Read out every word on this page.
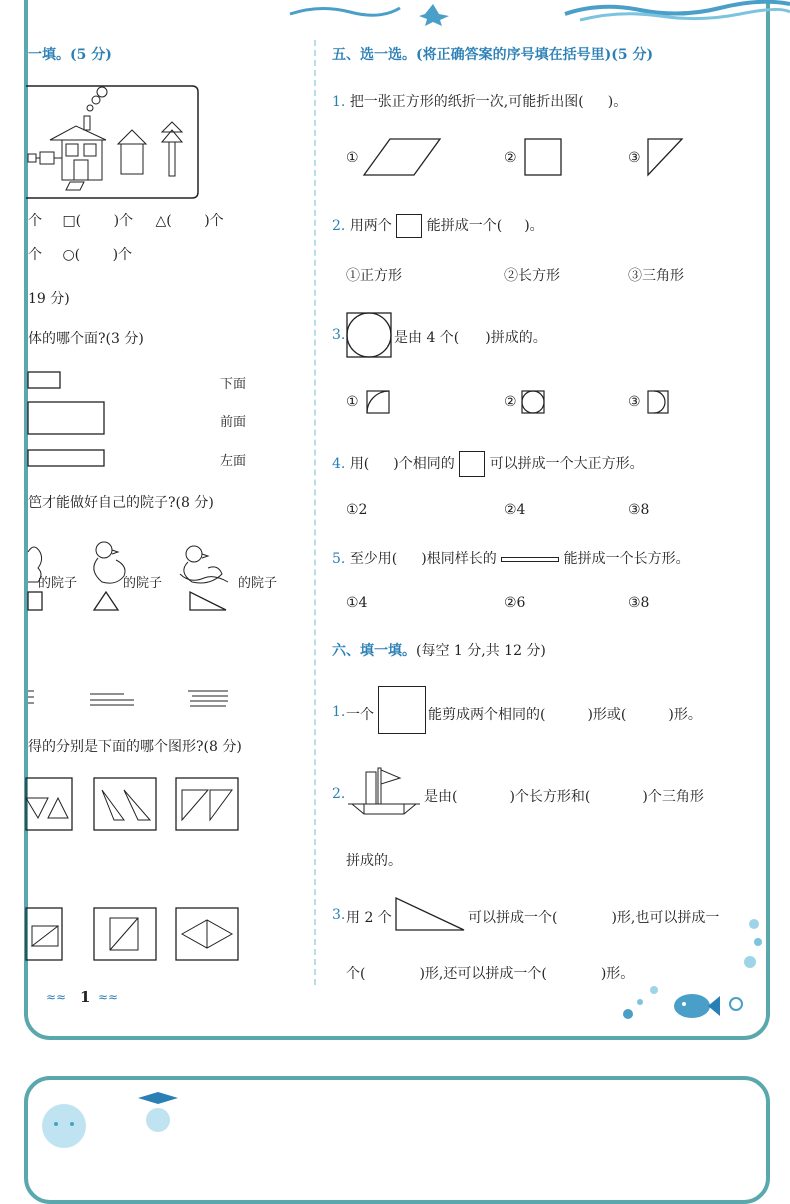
一填。(5 分)
个 □( )个 △( )个
个 ○( )个
19 分)
体的哪个面?(3 分)
下面
前面
左面
笆才能做好自己的院子?(8 分)
的院子	的院子	的院子
得的分别是下面的哪个图形?(8 分)
≈≈ 1 ≈≈
五、选一选。(将正确答案的序号填在括号里)(5 分)
1. 把一张正方形的纸折一次,可能折出图( )。
①	②	③
2. 用两个 能拼成一个( )。
①正方形	②长方形	③三角形
3.	是由 4 个( )拼成的。
①	②	③
4. 用( )个相同的 可以拼成一个大正方形。
①2	②4	③8
5. 至少用( )根同样长的	能拼成一个长方形。
①4	②6	③8
六、填一填。(每空 1 分,共 12 分)
1. 一个	能剪成两个相同的(	)形或(	)形。
2.	是由(	)个长方形和(	)个三角形
拼成的。
3. 用 2 个	可以拼成一个(	)形,也可以拼成一
个(	)形,还可以拼成一个(	)形。
